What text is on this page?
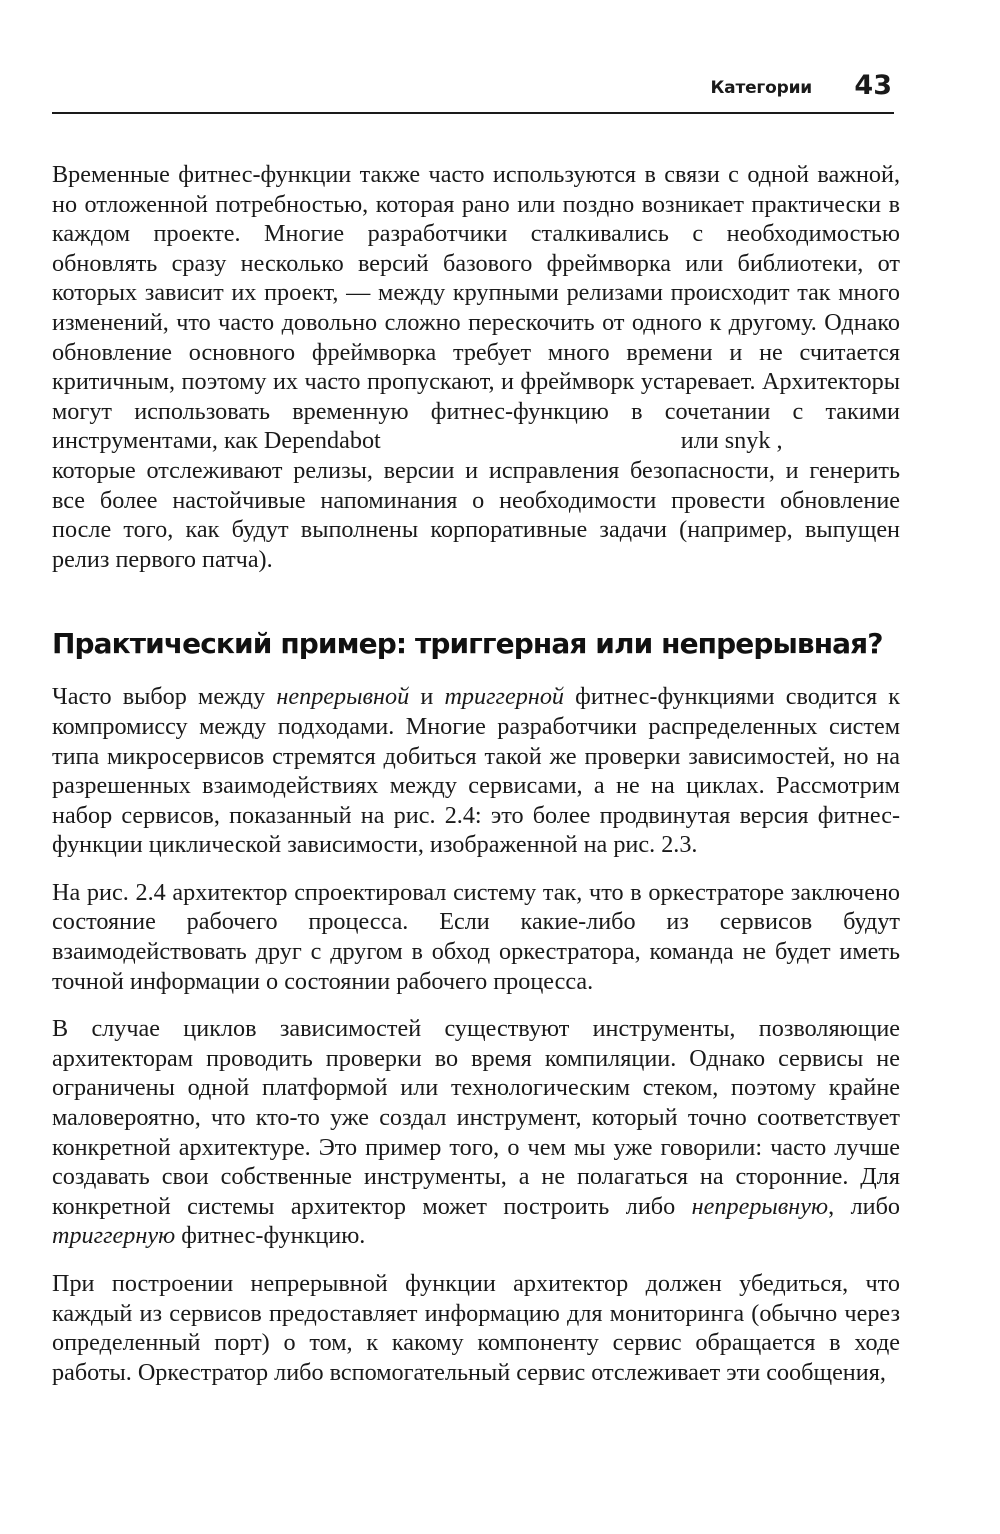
Категории 43

Временные фитнес-функции также часто используются в связи с одной важной, но отложенной потребностью, которая рано или поздно возникает практически в каждом проекте. Многие разработчики сталкивались с необходимостью обновлять сразу несколько версий базового фреймворка или библиотеки, от которых зависит их проект, — между крупными релизами происходит так много изменений, что часто довольно сложно перескочить от одного к другому. Однако обновление основного фреймворка требует много времени и не считается критичным, поэтому их часто пропускают, и фреймворк устаревает. Архитекторы могут использовать временную фитнес-функцию в сочетании с такими инструментами, как Dependabot	или snyk ,
которые отслеживают релизы, версии и исправления безопасности, и генерить все более настойчивые напоминания о необходимости провести обновление после того, как будут выполнены корпоративные задачи (например, выпущен релиз первого патча).

Практический пример: триггерная или непрерывная?

Часто выбор между непрерывной и триггерной фитнес-функциями сводится к компромиссу между подходами. Многие разработчики распределенных систем типа микросервисов стремятся добиться такой же проверки зависимостей, но на разрешенных взаимодействиях между сервисами, а не на циклах. Рассмотрим набор сервисов, показанный на рис. 2.4: это более продвинутая версия фитнес-функции циклической зависимости, изображенной на рис. 2.3.

На рис. 2.4 архитектор спроектировал систему так, что в оркестраторе заключено состояние рабочего процесса. Если какие-либо из сервисов будут взаимодействовать друг с другом в обход оркестратора, команда не будет иметь точной информации о состоянии рабочего процесса.

В случае циклов зависимостей существуют инструменты, позволяющие архитекторам проводить проверки во время компиляции. Однако сервисы не ограничены одной платформой или технологическим стеком, поэтому крайне маловероятно, что кто-то уже создал инструмент, который точно соответствует конкретной архитектуре. Это пример того, о чем мы уже говорили: часто лучше создавать свои собственные инструменты, а не полагаться на сторонние. Для конкретной системы архитектор может построить либо непрерывную, либо триггерную фитнес-функцию.

При построении непрерывной функции архитектор должен убедиться, что каждый из сервисов предоставляет информацию для мониторинга (обычно через определенный порт) о том, к какому компоненту сервис обращается в ходе работы. Оркестратор либо вспомогательный сервис отслеживает эти сообщения,
